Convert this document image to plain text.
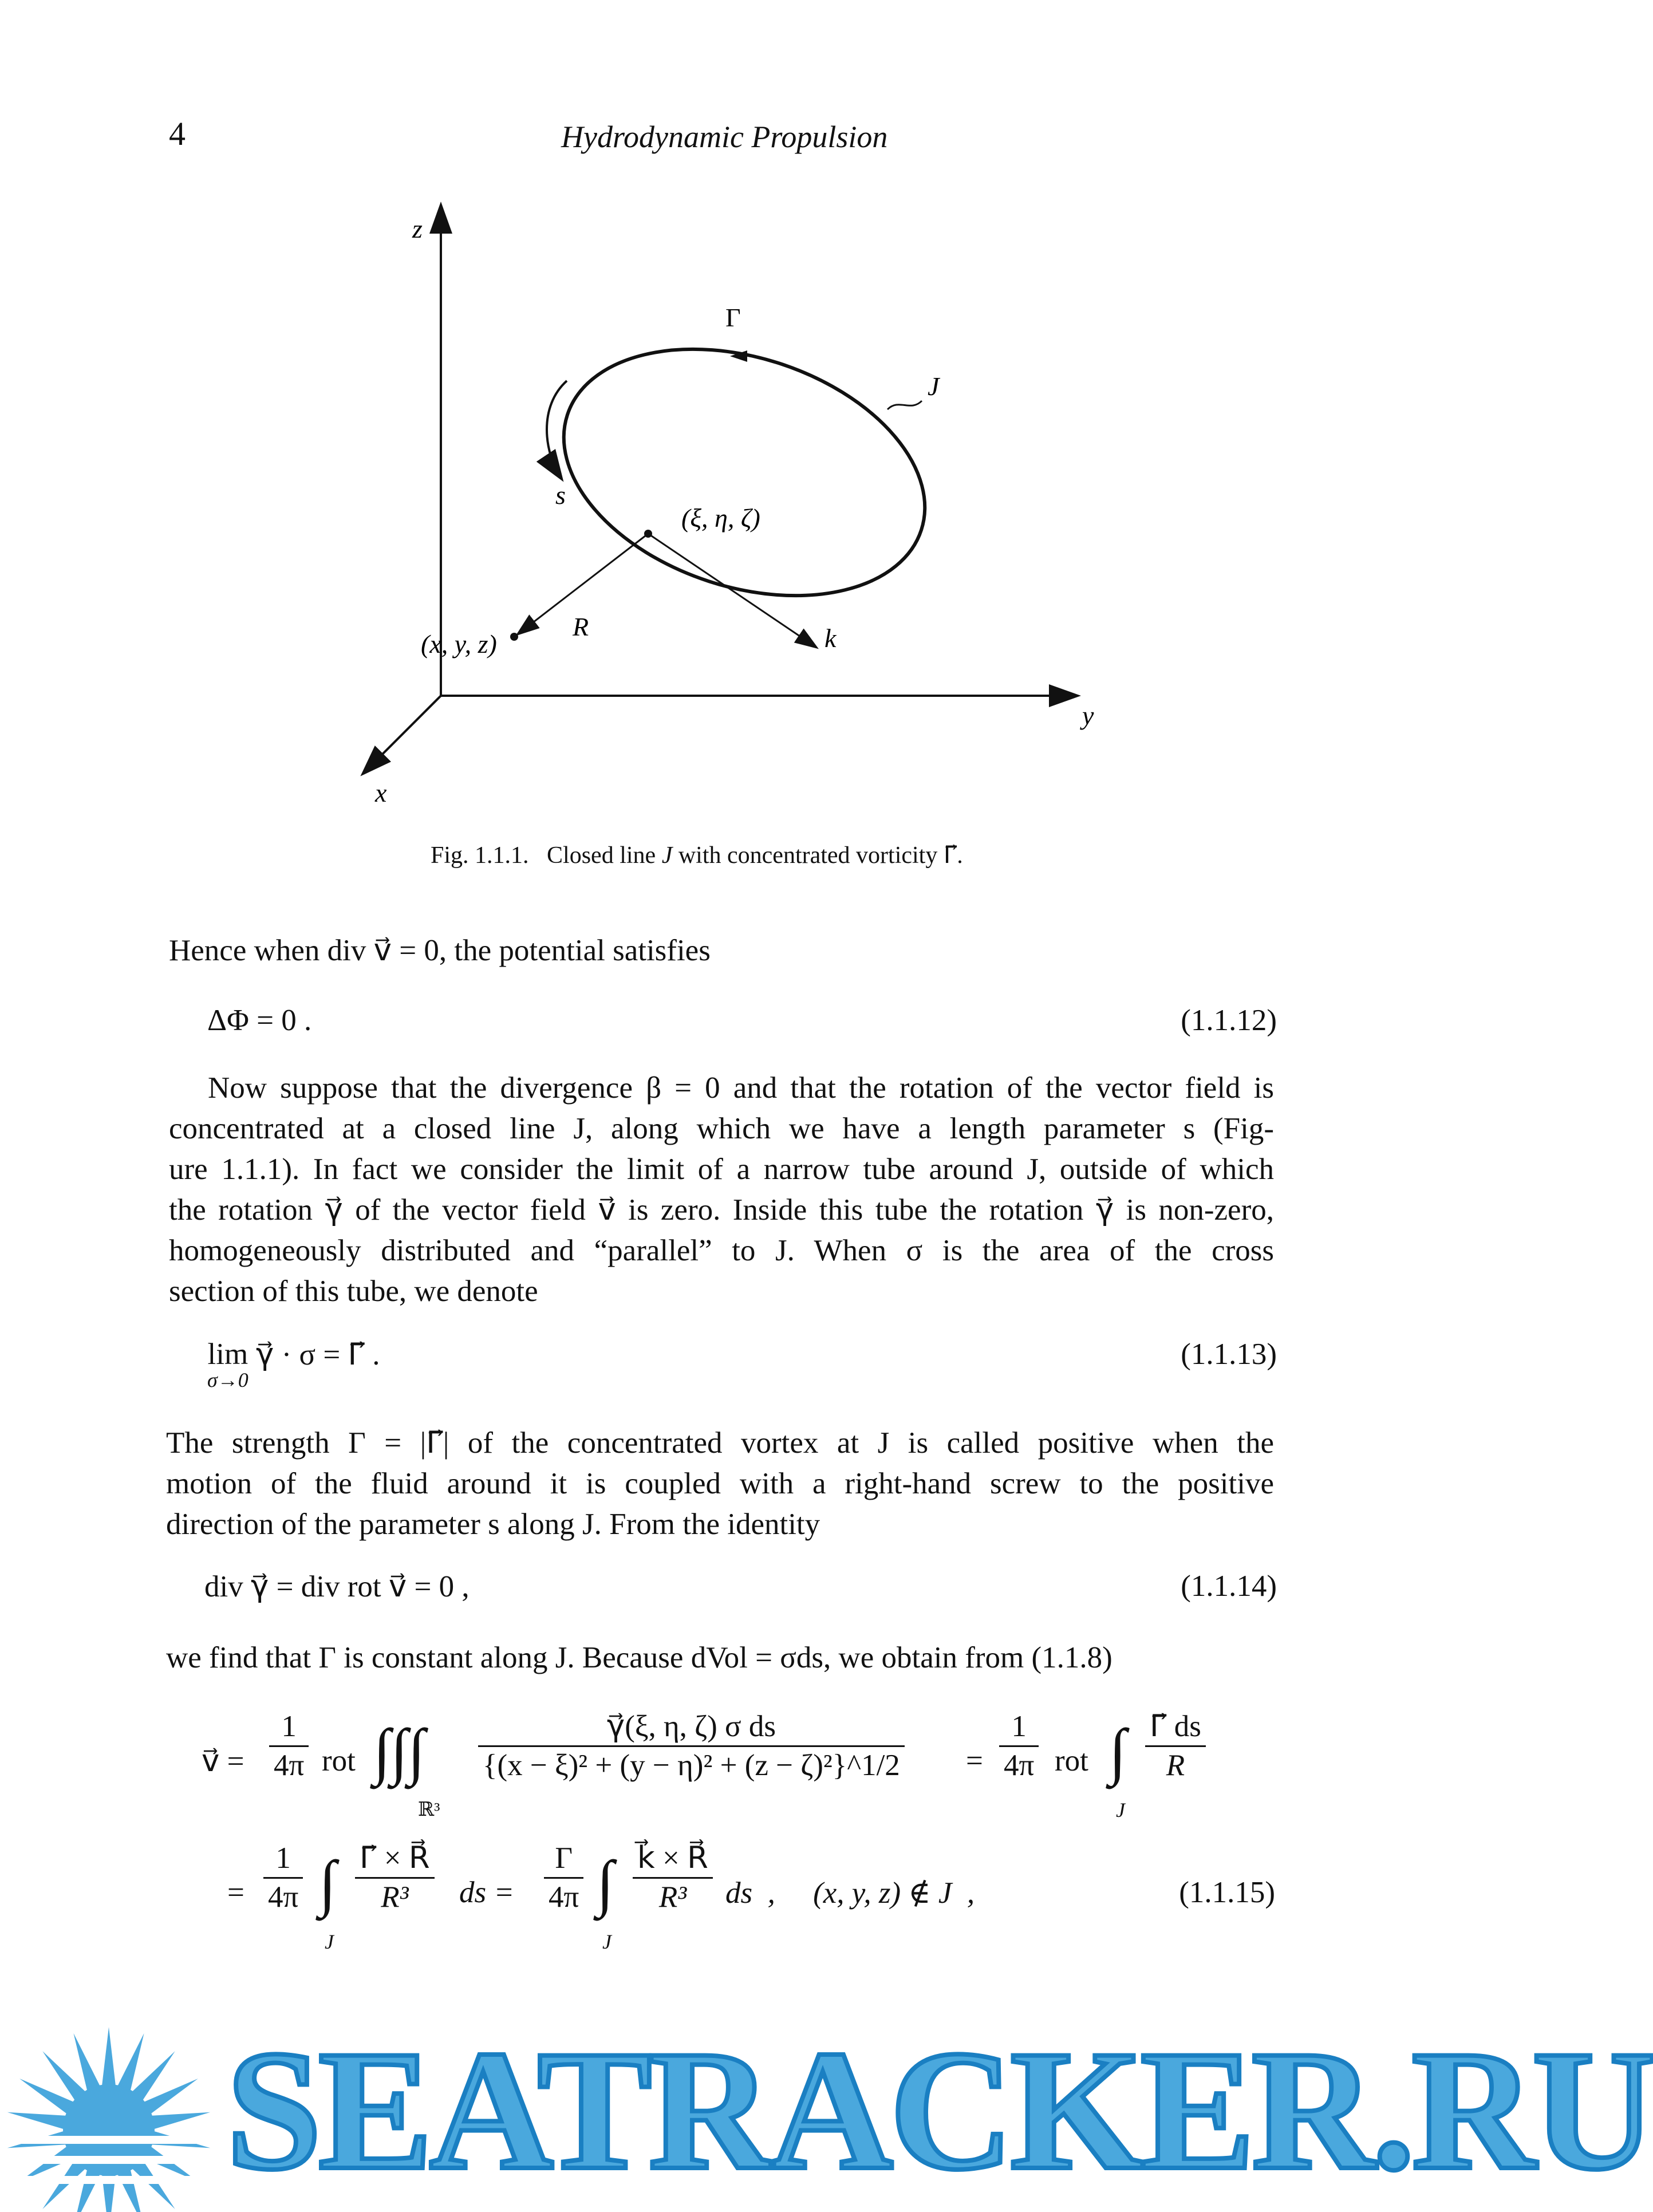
4	Hydrodynamic Propulsion
z
y
x
Γ
J
s
(ξ, η, ζ)
(x, y, z)
R	k
Fig. 1.1.1. Closed line J with concentrated vorticity Γ⃗.
Hence when div v⃗ = 0, the potential satisfies
ΔΦ = 0 .	(1.1.12)
Now suppose that the divergence β = 0 and that the rotation of the vector field is
concentrated at a closed line J, along which we have a length parameter s (Fig-
ure 1.1.1). In fact we consider the limit of a narrow tube around J, outside of which
the rotation γ⃗ of the vector field v⃗ is zero. Inside this tube the rotation γ⃗ is non-zero,
homogeneously distributed and “parallel” to J. When σ is the area of the cross
section of this tube, we denote
lim
σ→0
γ⃗ · σ = Γ⃗ .	(1.1.13)
The strength Γ = |Γ⃗| of the concentrated vortex at J is called positive when the
motion of the fluid around it is coupled with a right-hand screw to the positive
direction of the parameter s along J. From the identity
div γ⃗ = div rot v⃗ = 0 ,	(1.1.14)
we find that Γ is constant along J. Because dVol = σds, we obtain from (1.1.8)
v⃗ = $\frac{1}{4\pi}$ rot ∫∫∫
ℝ³
$\frac{\text{γ⃗(ξ, η, ζ) σ ds}}{\text{\{(x − ξ)² + (y − η)² + (z − ζ)²\}\textasciicircum{}1/2}} = \frac{1}{4\pi}$ rot ∫
J
$\frac{\Gamma⃗ ds}{R}$
= $\frac{1}{4\pi}$ ∫
J
$\frac{\Gamma⃗ \times R⃗}{\text{R³}}$ ds = $\frac{\Gamma}{4\pi}$ ∫
J
$\frac{k⃗ \times R⃗}{\text{R³}}$ ds  ,     (x, y, z) ∉ J  ,	(1.1.15)
SEATRACKER.RU
